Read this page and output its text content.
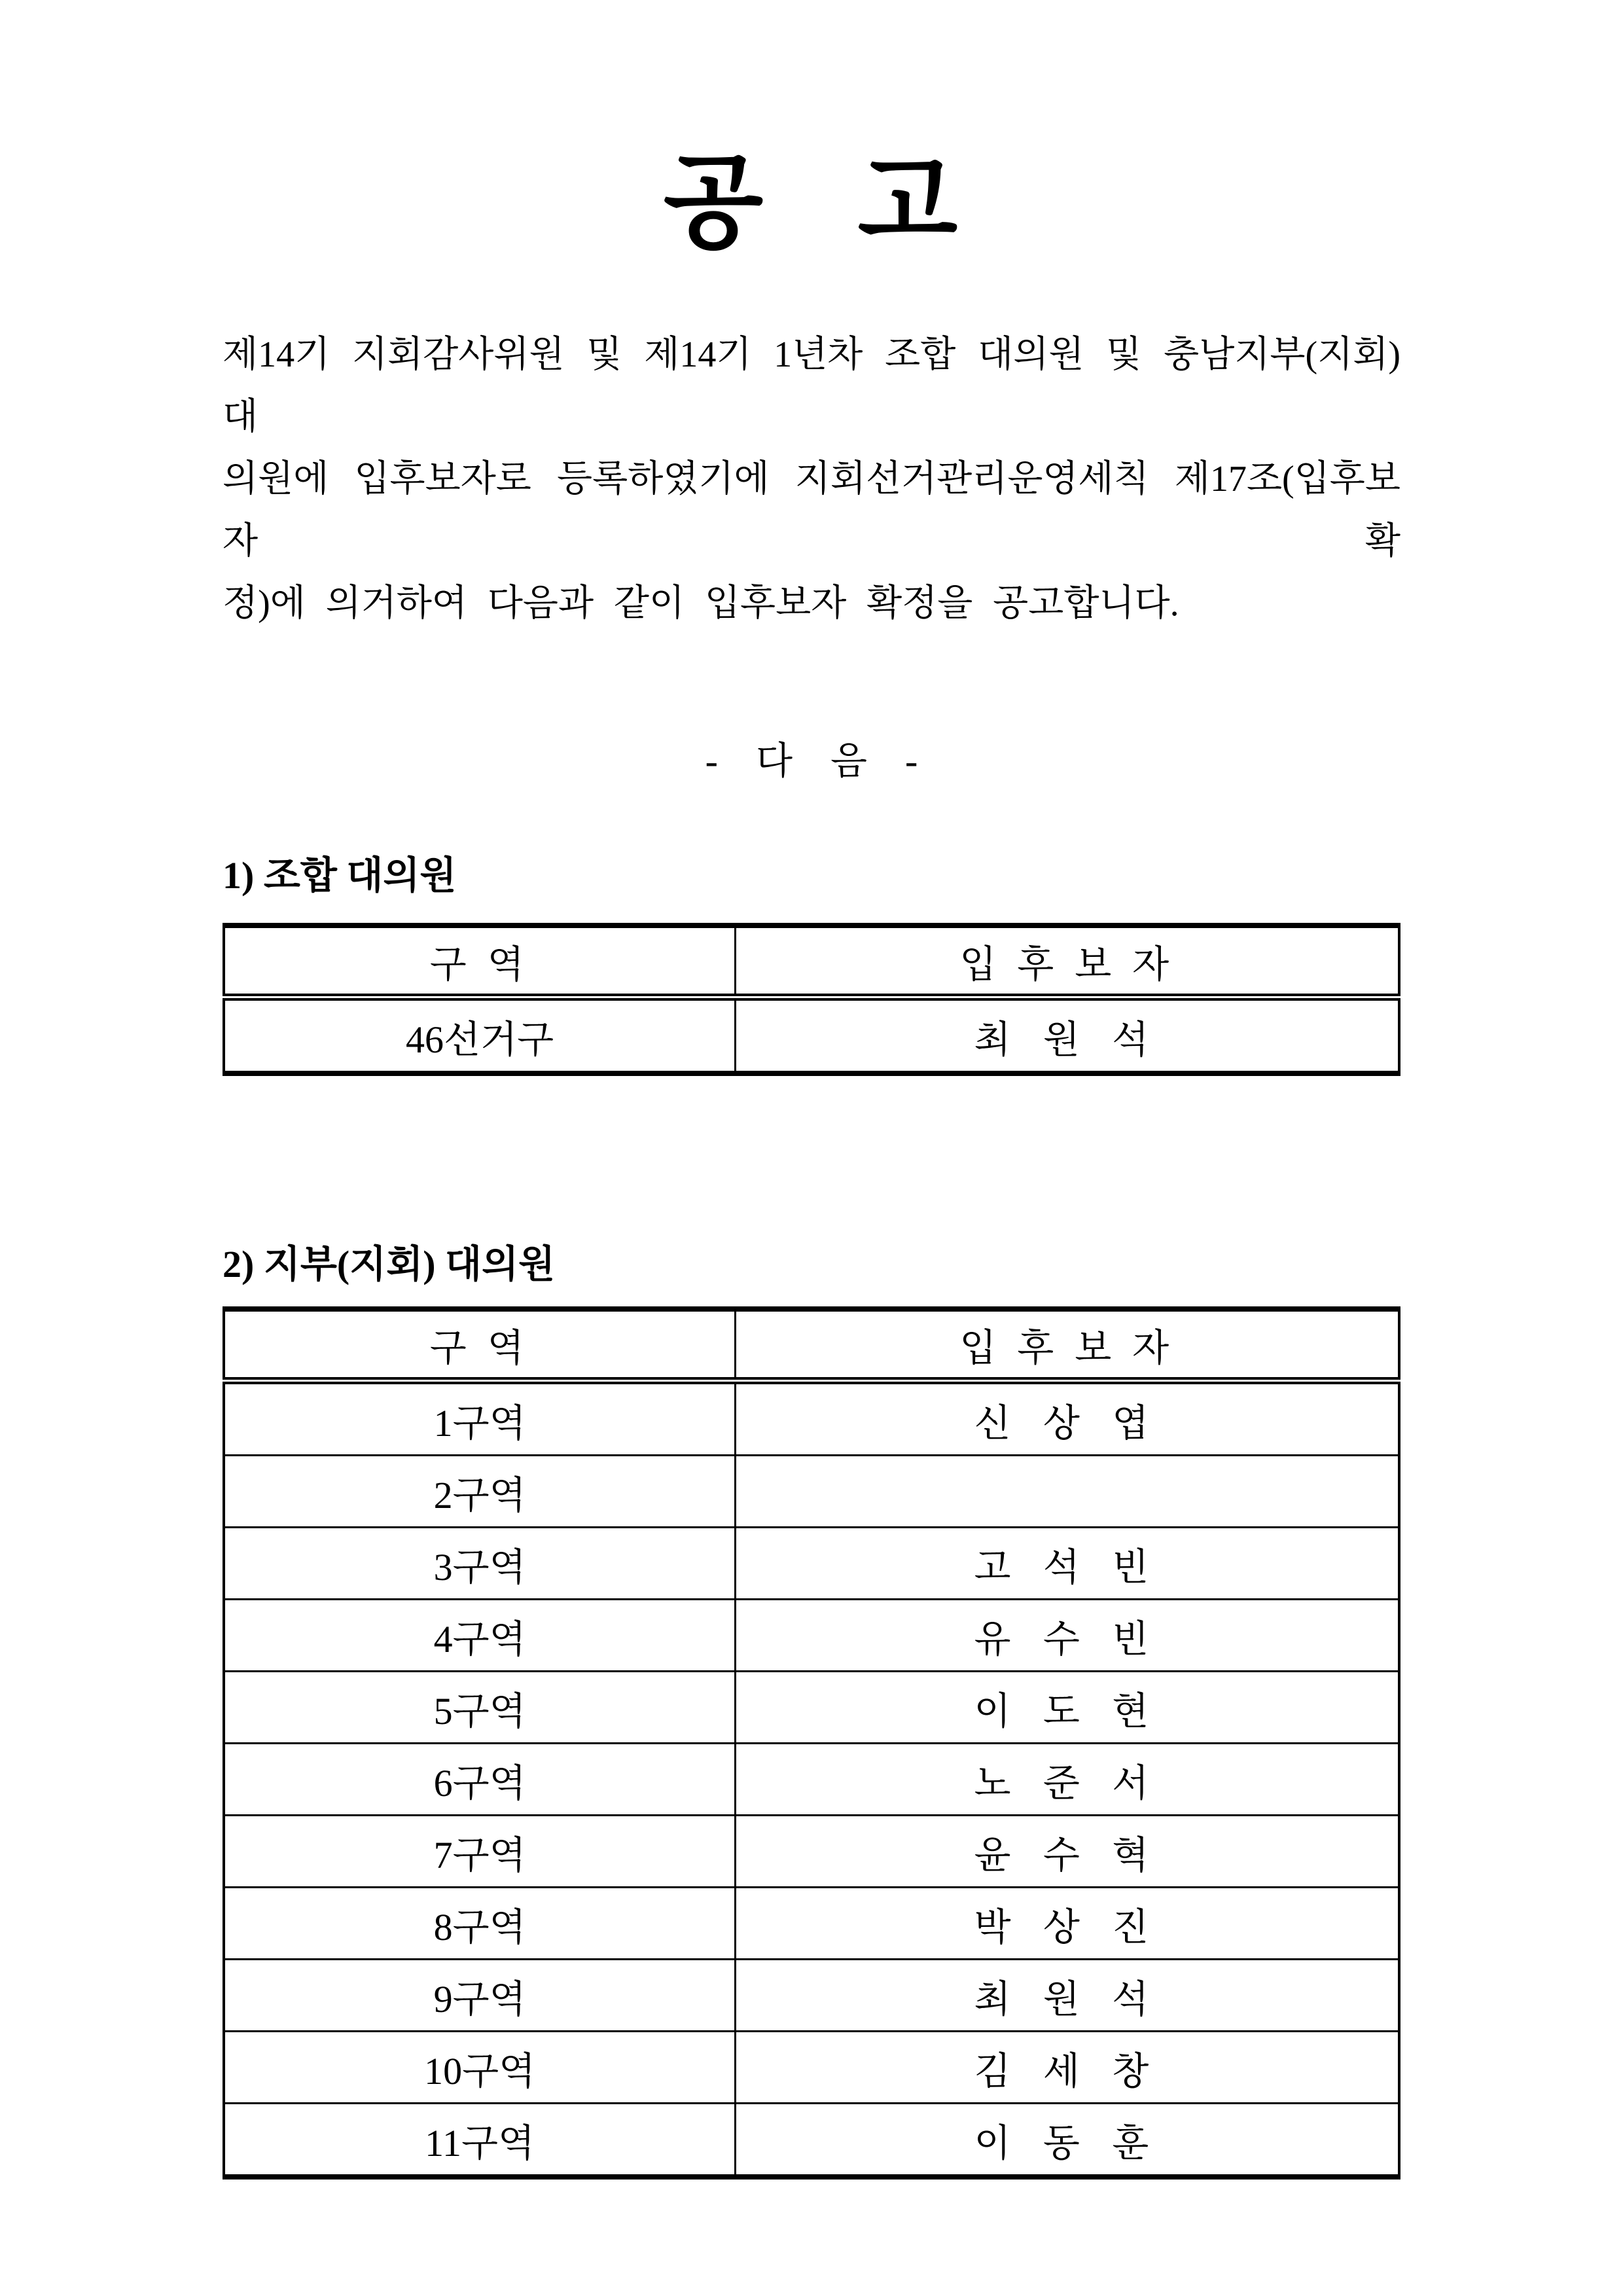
공   고
제14기 지회감사위원 및 제14기 1년차 조합 대의원 및 충남지부(지회) 대
의원에 입후보자로 등록하였기에 지회선거관리운영세칙 제17조(입후보자 확
정)에 의거하여 다음과 같이 입후보자 확정을 공고합니다.
-    다    음    -
1) 조합 대의원
구 역	입 후 보 자
46선거구	최 원 석
2) 지부(지회) 대의원
구 역	입 후 보 자
1구역	신 상 엽
2구역	
3구역	고 석 빈
4구역	유 수 빈
5구역	이 도 현
6구역	노 준 서
7구역	윤 수 혁
8구역	박 상 진
9구역	최 원 석
10구역	김 세 창
11구역	이 동 훈
